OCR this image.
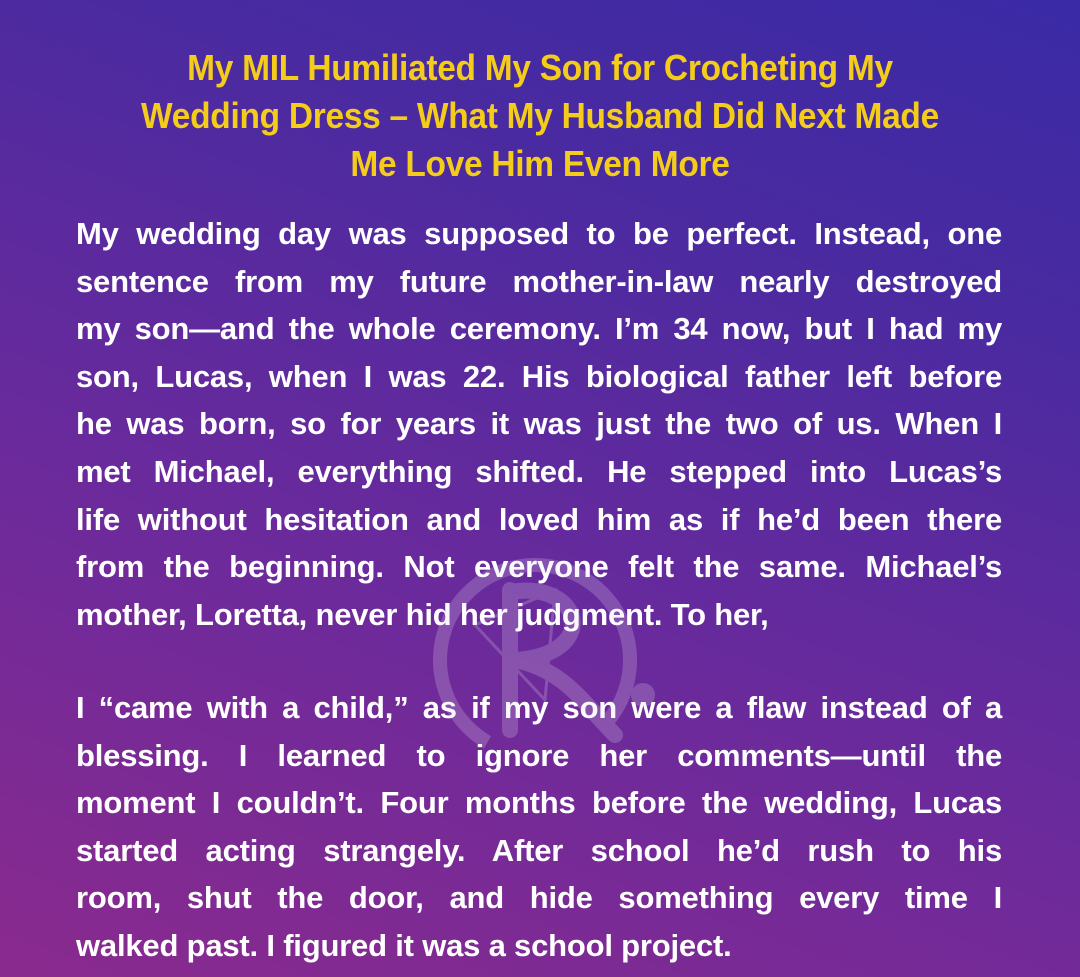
My MIL Humiliated My Son for Crocheting My
Wedding Dress – What My Husband Did Next Made
Me Love Him Even More
My wedding day was supposed to be perfect. Instead, one
sentence from my future mother-in-law nearly destroyed
my son—and the whole ceremony. I’m 34 now, but I had my
son, Lucas, when I was 22. His biological father left before
he was born, so for years it was just the two of us. When I
met Michael, everything shifted. He stepped into Lucas’s
life without hesitation and loved him as if he’d been there
from the beginning. Not everyone felt the same. Michael’s
mother, Loretta, never hid her judgment. To her,
I “came with a child,” as if my son were a flaw instead of a
blessing. I learned to ignore her comments—until the
moment I couldn’t. Four months before the wedding, Lucas
started acting strangely. After school he’d rush to his
room, shut the door, and hide something every time I
walked past. I figured it was a school project.
